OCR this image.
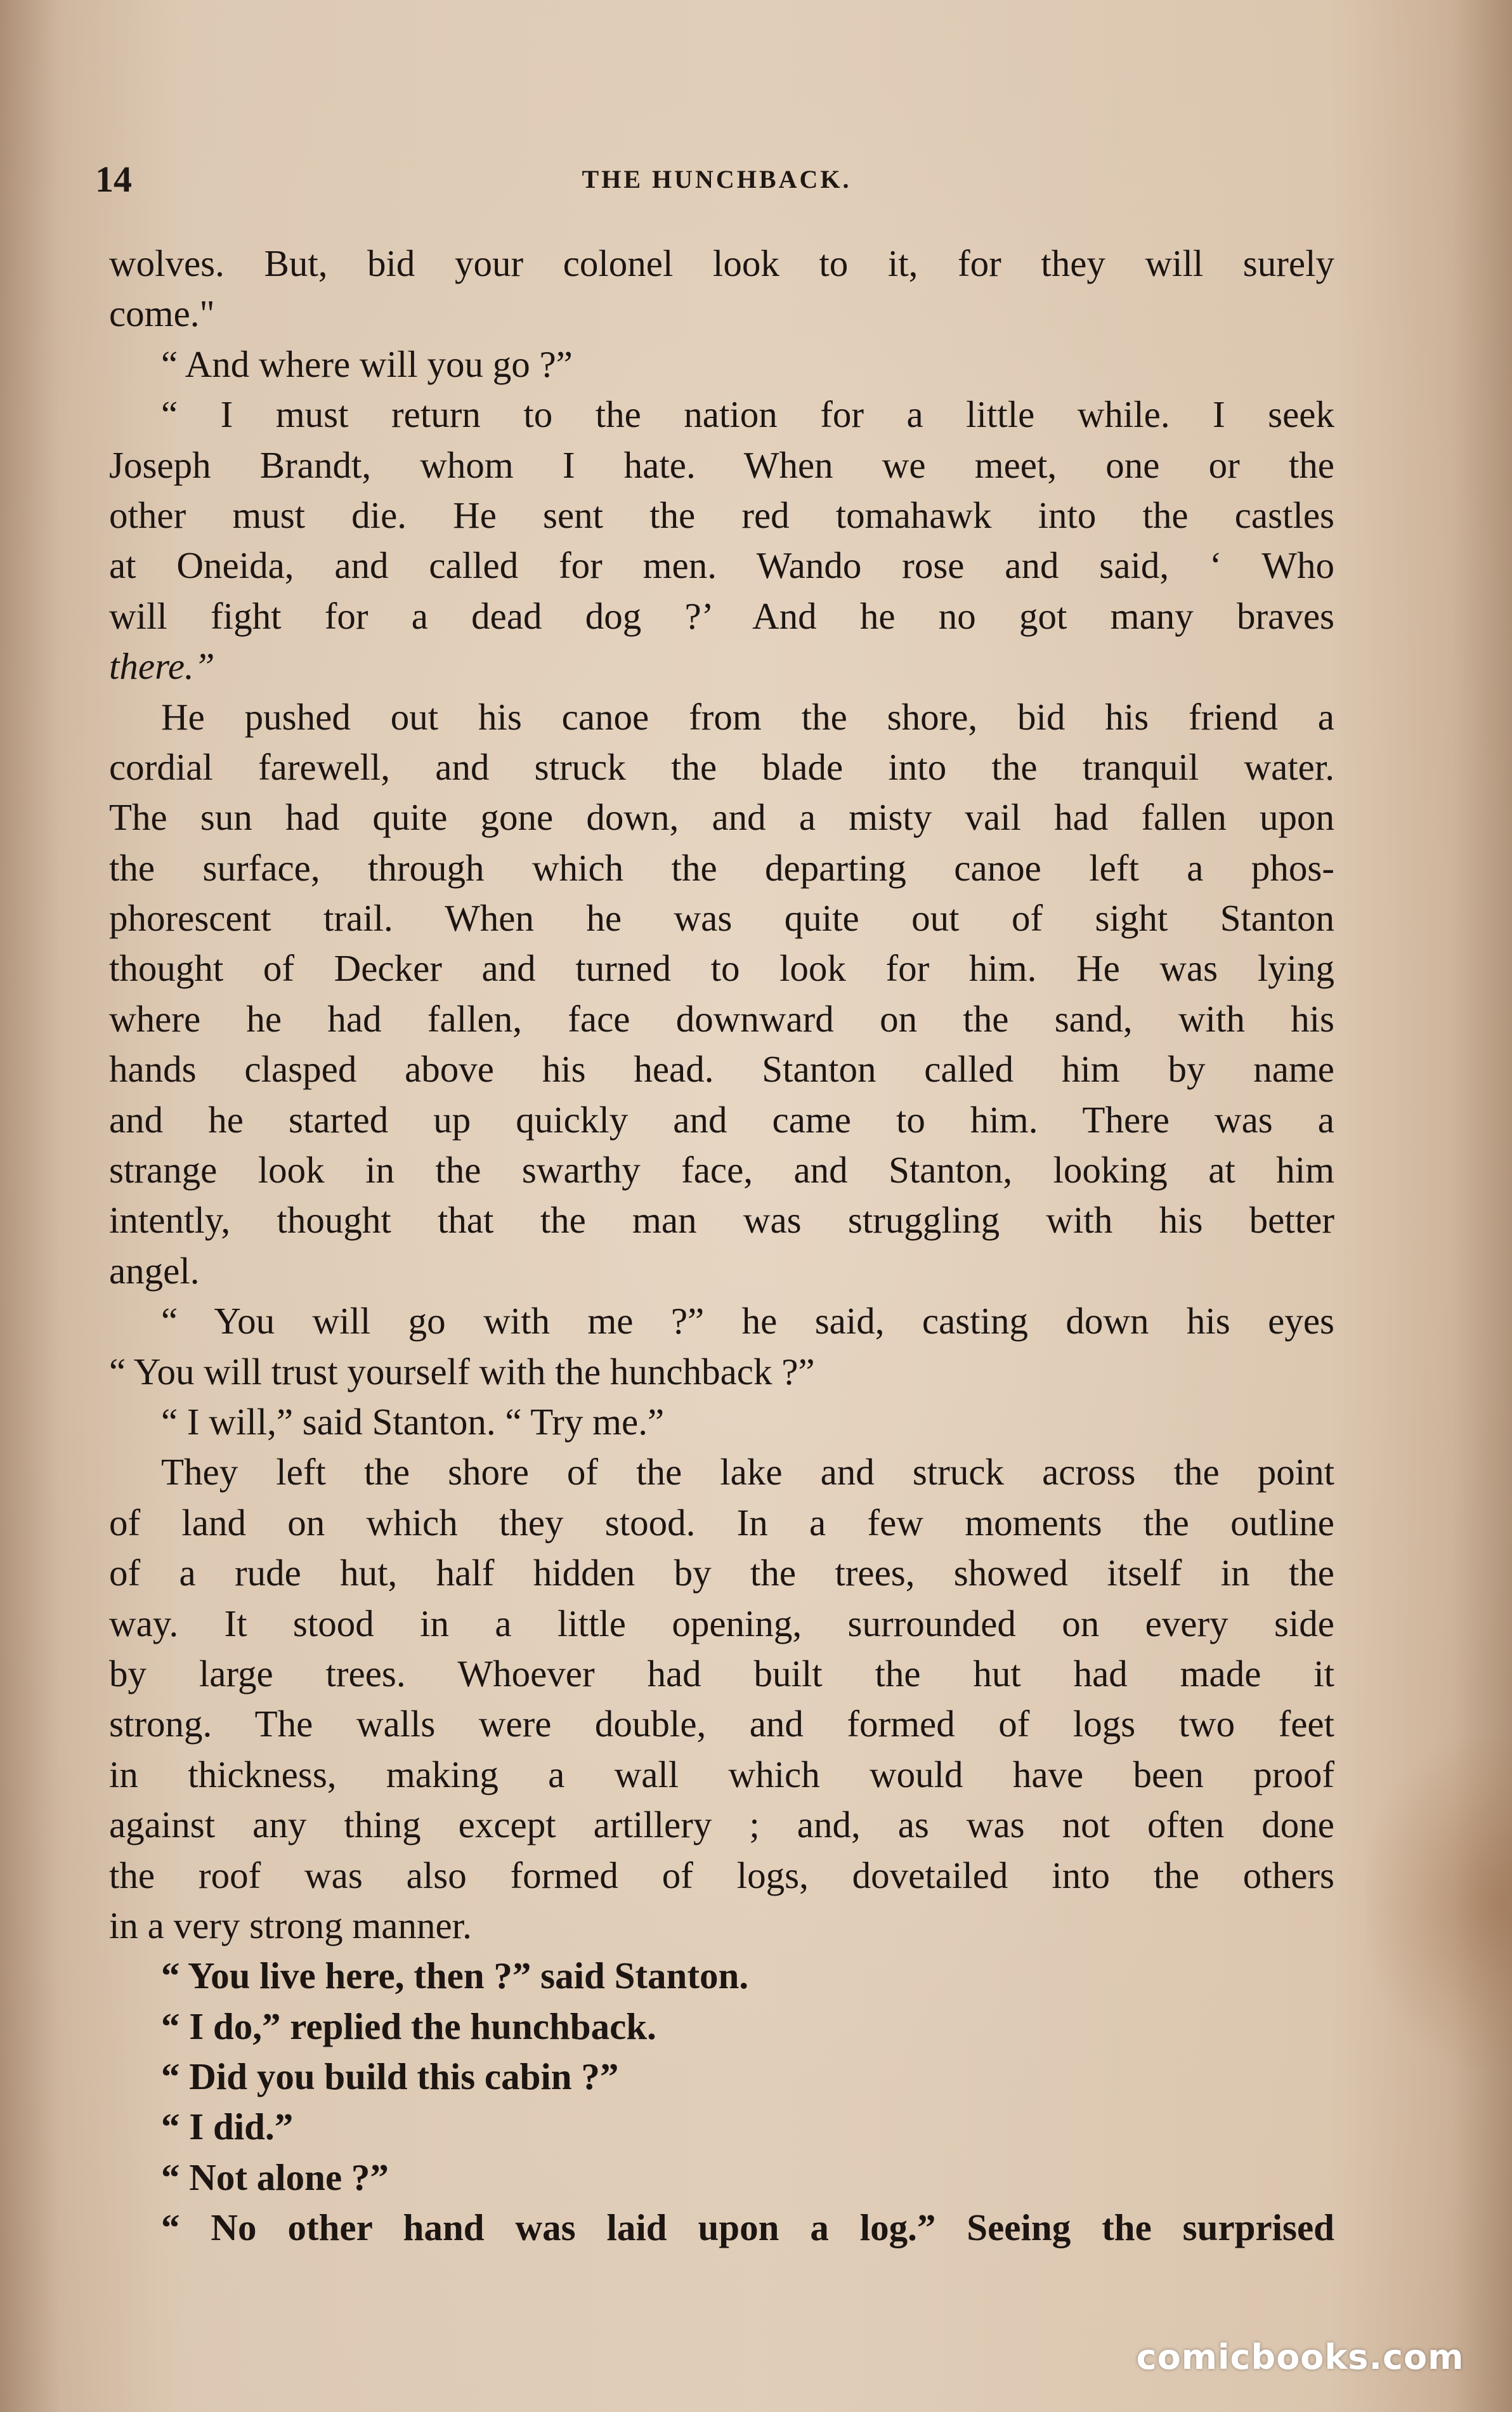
14	THE HUNCHBACK.
wolves. But, bid your colonel look to it, for they will surely
come."
“ And where will you go ?”
“ I must return to the nation for a little while. I seek
Joseph Brandt, whom I hate. When we meet, one or the
other must die. He sent the red tomahawk into the castles
at Oneida, and called for men. Wando rose and said, ‘ Who
will fight for a dead dog ?’ And he no got many braves
there.”
He pushed out his canoe from the shore, bid his friend a
cordial farewell, and struck the blade into the tranquil water.
The sun had quite gone down, and a misty vail had fallen upon
the surface, through which the departing canoe left a phos-
phorescent trail. When he was quite out of sight Stanton
thought of Decker and turned to look for him. He was lying
where he had fallen, face downward on the sand, with his
hands clasped above his head. Stanton called him by name
and he started up quickly and came to him. There was a
strange look in the swarthy face, and Stanton, looking at him
intently, thought that the man was struggling with his better
angel.
“ You will go with me ?” he said, casting down his eyes
“ You will trust yourself with the hunchback ?”
“ I will,” said Stanton. “ Try me.”
They left the shore of the lake and struck across the point
of land on which they stood. In a few moments the outline
of a rude hut, half hidden by the trees, showed itself in the
way. It stood in a little opening, surrounded on every side
by large trees. Whoever had built the hut had made it
strong. The walls were double, and formed of logs two feet
in thickness, making a wall which would have been proof
against any thing except artillery ; and, as was not often done
the roof was also formed of logs, dovetailed into the others
in a very strong manner.
“ You live here, then ?” said Stanton.
“ I do,” replied the hunchback.
“ Did you build this cabin ?”
“ I did.”
“ Not alone ?”
“ No other hand was laid upon a log.” Seeing the surprised
comicbooks.com
